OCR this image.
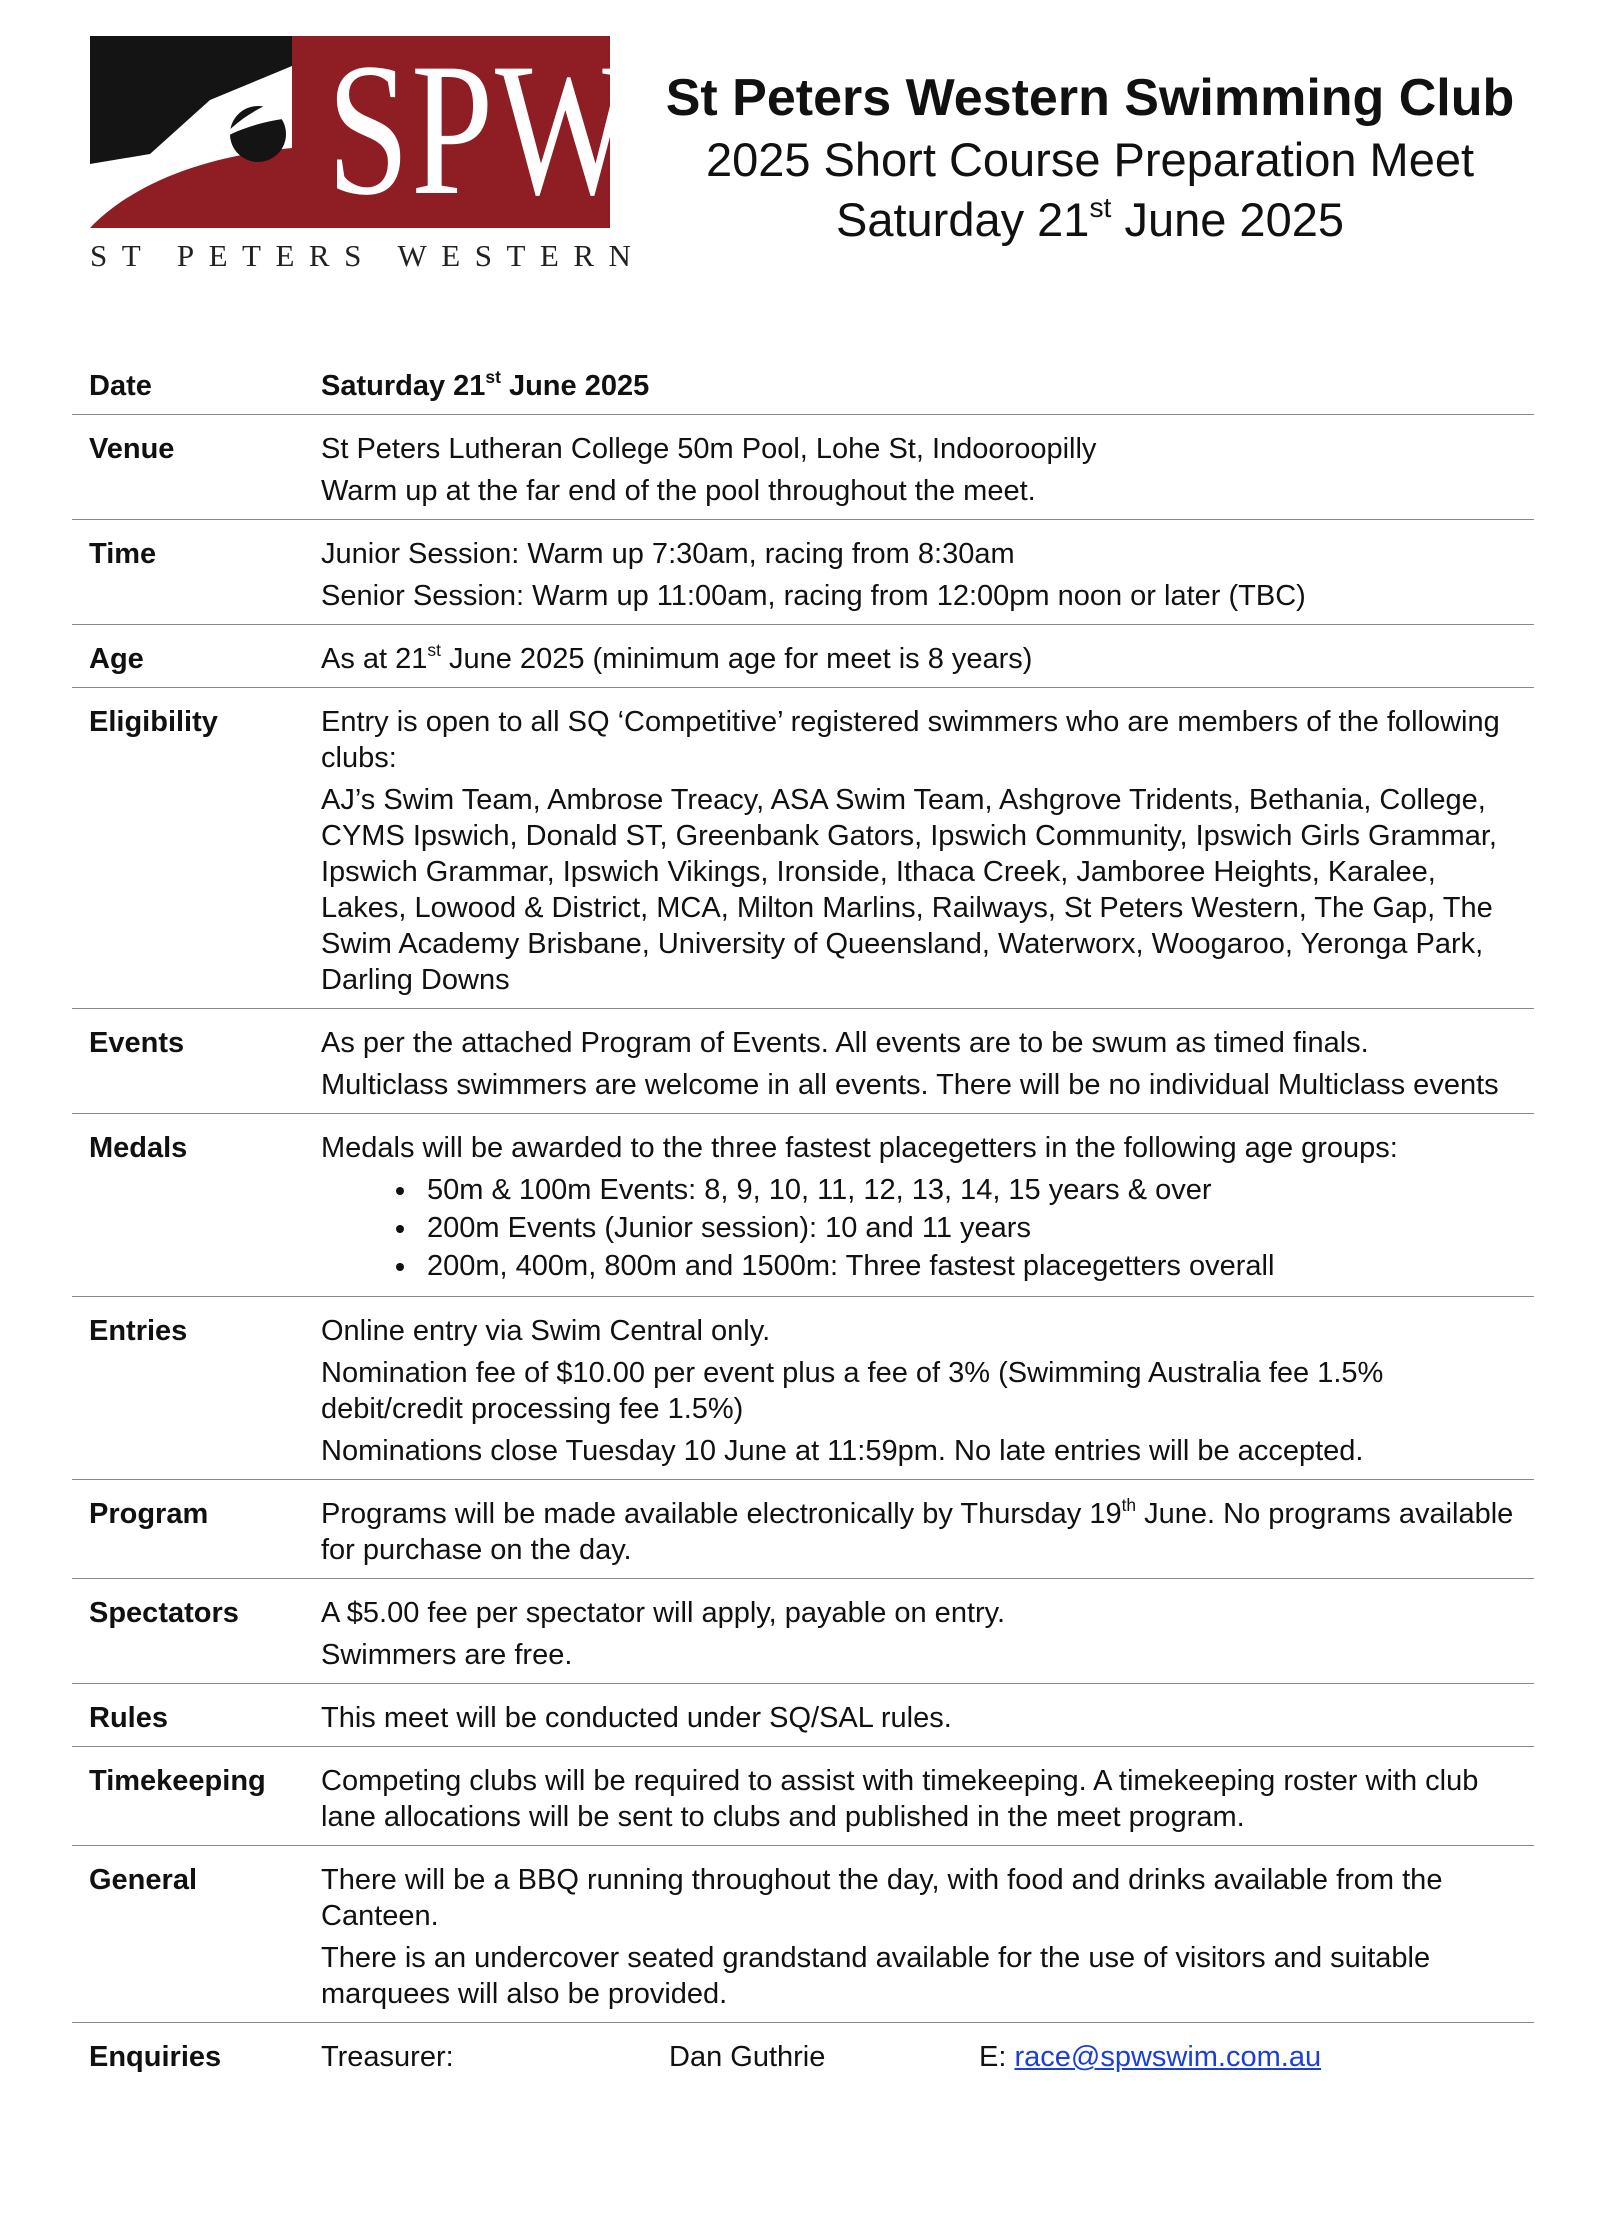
SPW
ST PETERS WESTERN
St Peters Western Swimming Club
2025 Short Course Preparation Meet
Saturday 21st June 2025
Date	Saturday 21st June 2025
Venue	St Peters Lutheran College 50m Pool, Lohe St, Indooroopilly

Warm up at the far end of the pool throughout the meet.

Time	Junior Session: Warm up 7:30am, racing from 8:30am

Senior Session: Warm up 11:00am, racing from 12:00pm noon or later (TBC)

Age	As at 21st June 2025 (minimum age for meet is 8 years)
Eligibility	Entry is open to all SQ ‘Competitive’ registered swimmers who are members of the following clubs:

AJ’s Swim Team, Ambrose Treacy, ASA Swim Team, Ashgrove Tridents, Bethania, College, CYMS Ipswich, Donald ST, Greenbank Gators, Ipswich Community, Ipswich Girls Grammar, Ipswich Grammar, Ipswich Vikings, Ironside, Ithaca Creek, Jamboree Heights, Karalee, Lakes, Lowood & District, MCA, Milton Marlins, Railways, St Peters Western, The Gap, The Swim Academy Brisbane, University of Queensland, Waterworx, Woogaroo, Yeronga Park, Darling Downs

Events	As per the attached Program of Events. All events are to be swum as timed finals.

Multiclass swimmers are welcome in all events. There will be no individual Multiclass events

Medals	Medals will be awarded to the three fastest placegetters in the following age groups:

• 50m & 100m Events: 8, 9, 10, 11, 12, 13, 14, 15 years & over
• 200m Events (Junior session): 10 and 11 years
• 200m, 400m, 800m and 1500m: Three fastest placegetters overall
Entries	Online entry via Swim Central only.

Nomination fee of $10.00 per event plus a fee of 3% (Swimming Australia fee 1.5% debit/credit processing fee 1.5%)

Nominations close Tuesday 10 June at 11:59pm. No late entries will be accepted.

Program	Programs will be made available electronically by Thursday 19th June. No programs available for purchase on the day.
Spectators	A $5.00 fee per spectator will apply, payable on entry.

Swimmers are free.

Rules	This meet will be conducted under SQ/SAL rules.

Timekeeping	Competing clubs will be required to assist with timekeeping. A timekeeping roster with club lane allocations will be sent to clubs and published in the meet program.

General	There will be a BBQ running throughout the day, with food and drinks available from the Canteen.

There is an undercover seated grandstand available for the use of visitors and suitable marquees will also be provided.

Enquiries	Treasurer:	Dan Guthrie	E: race@spwswim.com.au
